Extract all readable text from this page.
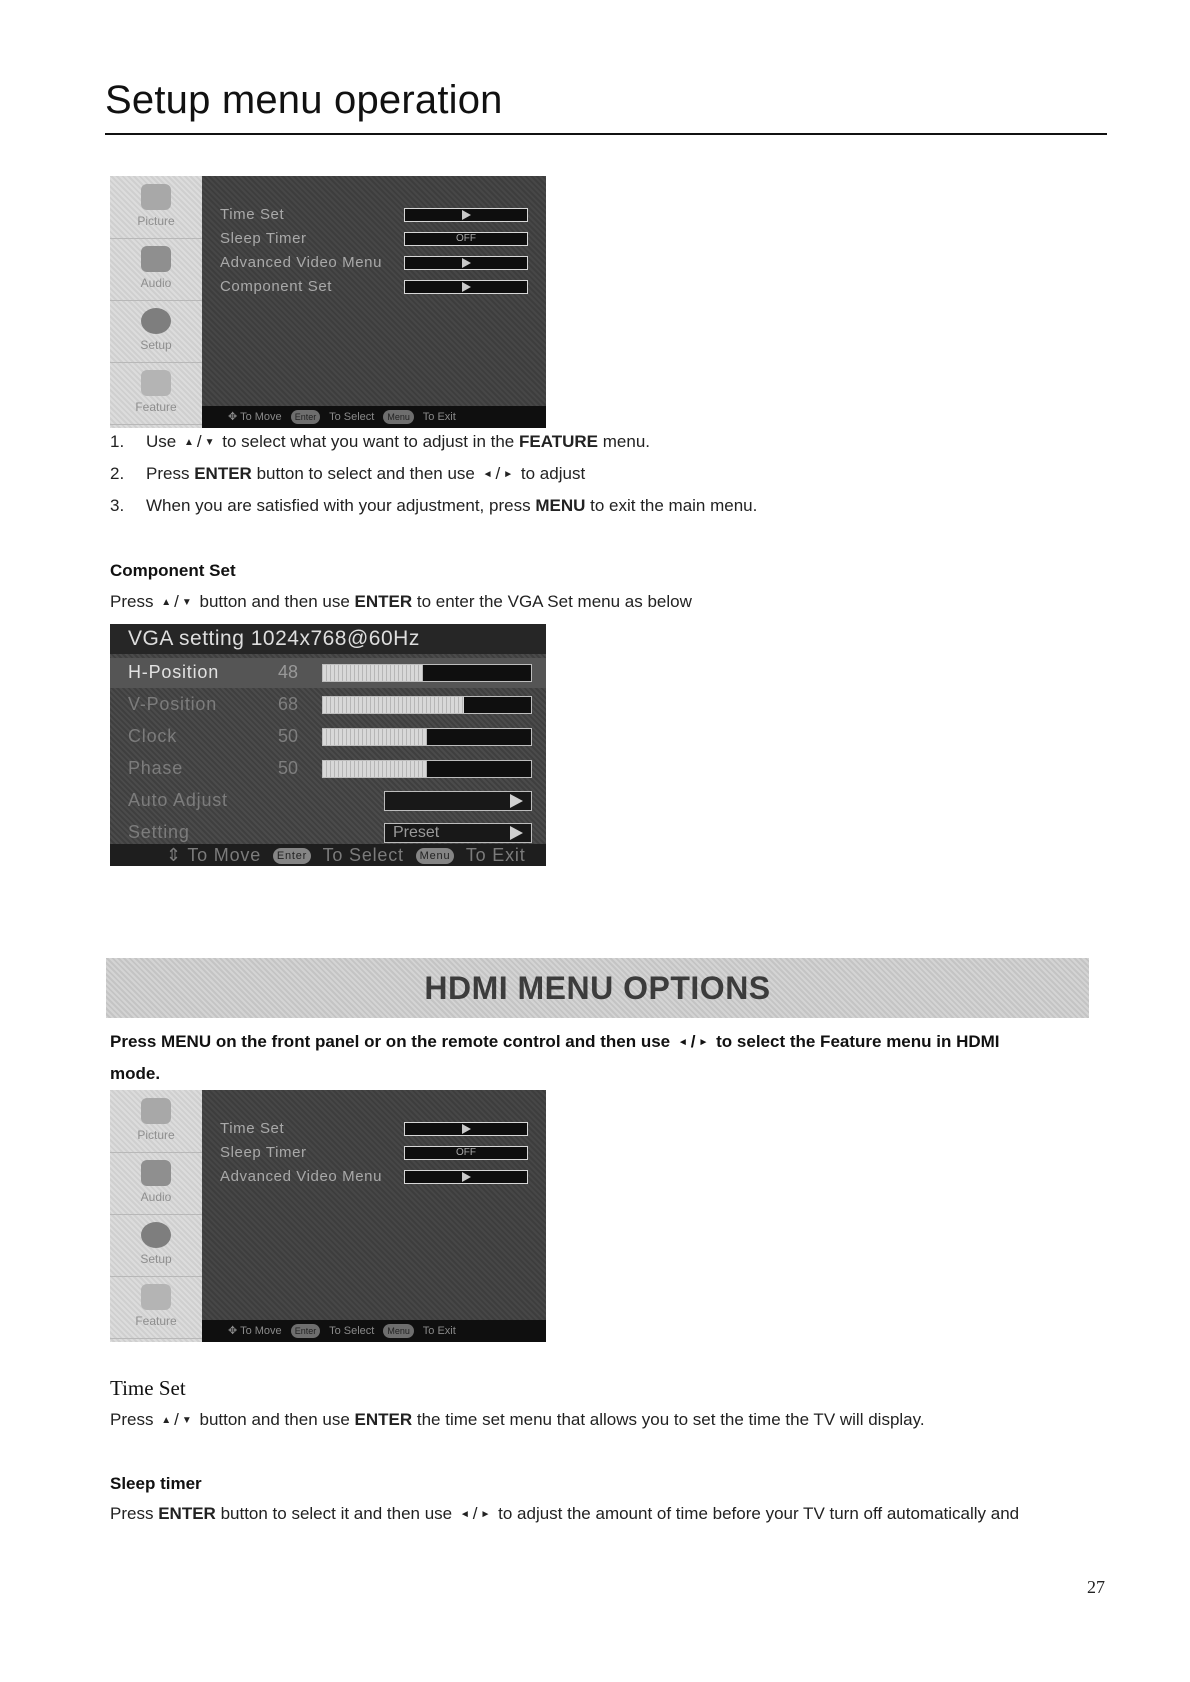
Setup menu operation
Picture
Audio
Setup
Feature
Time Set
Sleep Timer
Advanced Video Menu
Component Set
OFF
✥ To Move Enter To Select Menu To Exit
1. Use ▲ / ▼ to select what you want to adjust in the FEATURE menu.
2. Press ENTER button to select and then use ◄ / ► to adjust
3. When you are satisfied with your adjustment, press MENU to exit the main menu.
Component Set
Press ▲ / ▼ button and then use ENTER to enter the VGA Set menu as below
VGA setting 1024x768@60Hz
H-Position	48
V-Position	68
Clock	50
Phase	50
Auto Adjust
Setting	Preset
⇕ To Move Enter To Select Menu To Exit
HDMI MENU OPTIONS
Press MENU on the front panel or on the remote control and then use ◄ / ► to select the Feature menu in HDMI
mode.
Picture
Audio
Setup
Feature
Time Set
Sleep Timer
Advanced Video Menu
OFF
✥ To Move Enter To Select Menu To Exit
Time Set
Press ▲ / ▼ button and then use ENTER the time set menu that allows you to set the time the TV will display.
Sleep timer
Press ENTER button to select it and then use ◄ / ► to adjust the amount of time before your TV turn off automatically and
27
